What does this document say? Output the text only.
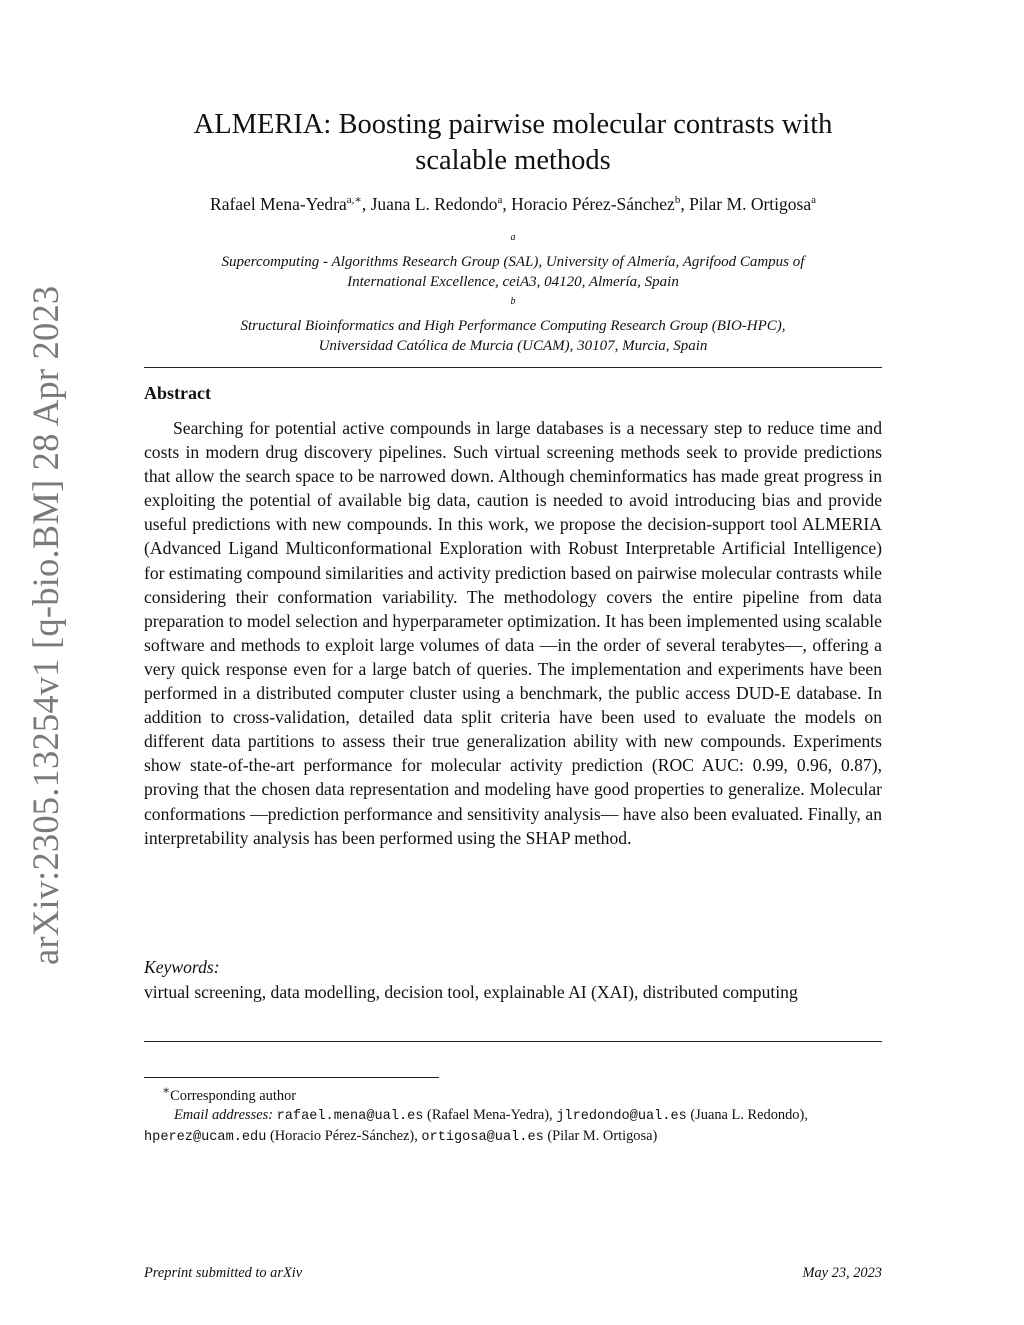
arXiv:2305.13254v1 [q-bio.BM] 28 Apr 2023
ALMERIA: Boosting pairwise molecular contrasts with
scalable methods
Rafael Mena-Yedra$^{a,∗}$, Juana L. Redondo$^a$, Horacio Pérez-Sánchez$^b$, Pilar M. Ortigosa$^a$
$^a$
Supercomputing - Algorithms Research Group (SAL), University of Almería, Agrifood Campus of
International Excellence, ceiA3, 04120, Almería, Spain
$^b$
Structural Bioinformatics and High Performance Computing Research Group (BIO-HPC),
Universidad Católica de Murcia (UCAM), 30107, Murcia, Spain
Abstract

Searching for potential active compounds in large databases is a necessary step to reduce time and costs in modern drug discovery pipelines. Such virtual screening methods seek to provide predictions that allow the search space to be narrowed down. Although cheminformatics has made great progress in exploiting the potential of available big data, caution is needed to avoid introducing bias and provide useful predictions with new compounds. In this work, we propose the decision-support tool ALMERIA (Advanced Ligand Multiconformational Exploration with Robust Interpretable Artificial Intelligence) for estimating compound similarities and activity prediction based on pairwise molecular contrasts while considering their conformation variability. The methodology covers the entire pipeline from data preparation to model selection and hyperparameter optimization. It has been implemented using scalable software and methods to exploit large volumes of data —in the order of several terabytes—, offering a very quick response even for a large batch of queries. The implementation and experiments have been performed in a distributed computer cluster using a benchmark, the public access DUD-E database. In addition to cross-validation, detailed data split criteria have been used to evaluate the models on different data partitions to assess their true generalization ability with new compounds. Experiments show state-of-the-art performance for molecular activity prediction (ROC AUC: 0.99, 0.96, 0.87), proving that the chosen data representation and modeling have good properties to generalize. Molecular conformations —prediction performance and sensitivity analysis— have also been evaluated. Finally, an interpretability analysis has been performed using the SHAP method.

Keywords:
virtual screening, data modelling, decision tool, explainable AI (XAI), distributed computing
∗Corresponding author
Email addresses: rafael.mena@ual.es (Rafael Mena-Yedra), jlredondo@ual.es (Juana L. Redondo), hperez@ucam.edu (Horacio Pérez-Sánchez), ortigosa@ual.es (Pilar M. Ortigosa)
Preprint submitted to arXiv	May 23, 2023
